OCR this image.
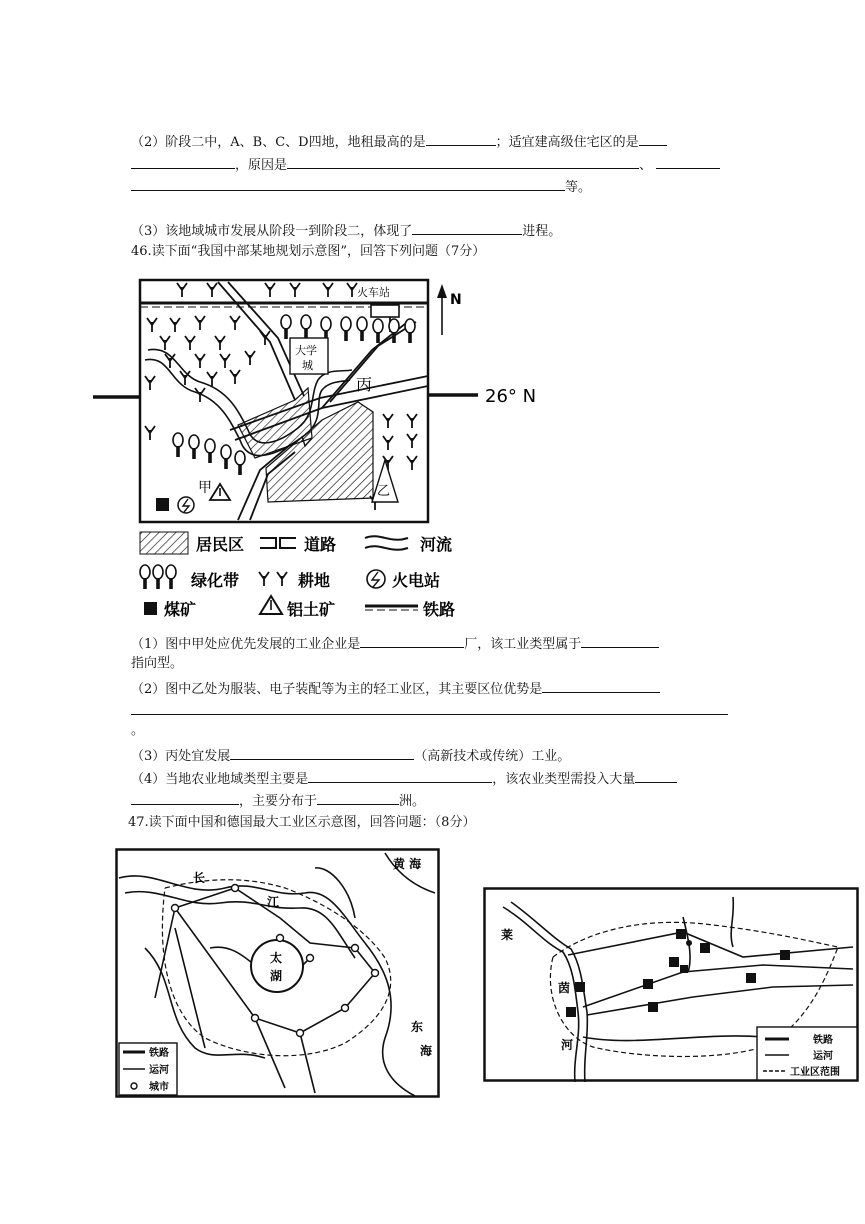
（2）阶段二中，A、B、C、D四地，地租最高的是	；适宜建高级住宅区的是
，原因是	、
等。
（3）该地域城市发展从阶段一到阶段二，体现了	进程。
46.读下面“我国中部某地规划示意图”，回答下列问题（7分）
26° N
N
火车站
大学
城
丙
甲	乙
居民区	道路	河流
绿化带	耕地	火电站
煤矿	铝土矿	铁路
（1）图中甲处应优先发展的工业企业是	厂，该工业类型属于
指向型。
（2）图中乙处为服装、电子装配等为主的轻工业区，其主要区位优势是
。
（3）丙处宜发展	（高新技术或传统）工业。
（4）当地农业地域类型主要是	，该农业类型需投入大量
，主要分布于	洲。
47.读下面中国和德国最大工业区示意图，回答问题：（8分）
黄 海
长
江
太
湖
东
海
铁路
运河
城市
莱
茵
河	铁路
运河
工业区范围
